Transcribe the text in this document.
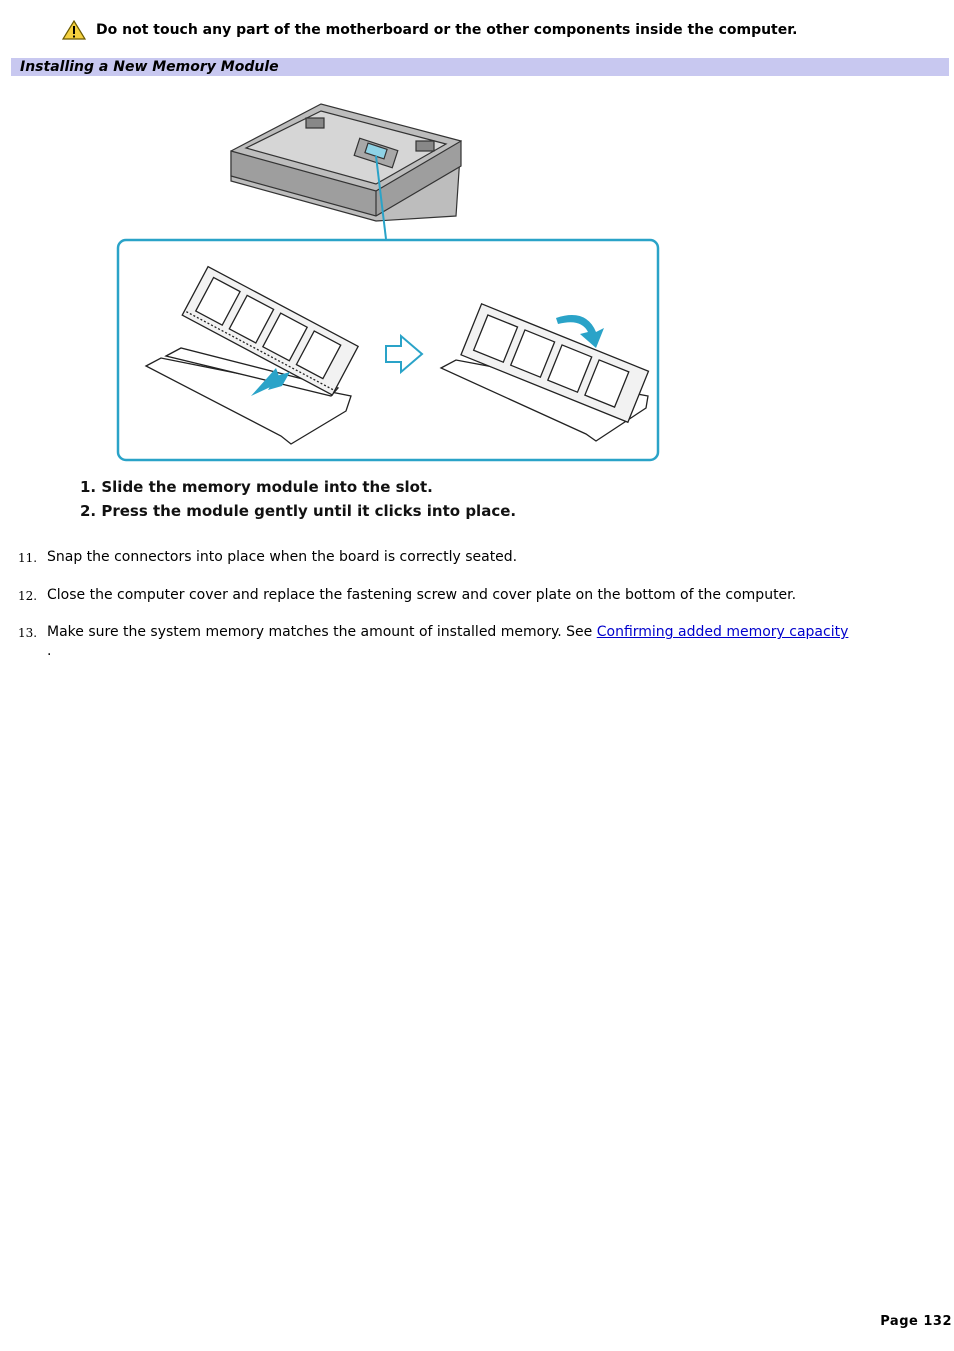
Do not touch any part of the motherboard or the other components inside the computer.
Installing a New Memory Module
1. Slide the memory module into the slot.
2. Press the module gently until it clicks into place.
11. Snap the connectors into place when the board is correctly seated.
12. Close the computer cover and replace the fastening screw and cover plate on the bottom of the computer.
13. Make sure the system memory matches the amount of installed memory. See Confirming added memory capacity
.
Page 132
